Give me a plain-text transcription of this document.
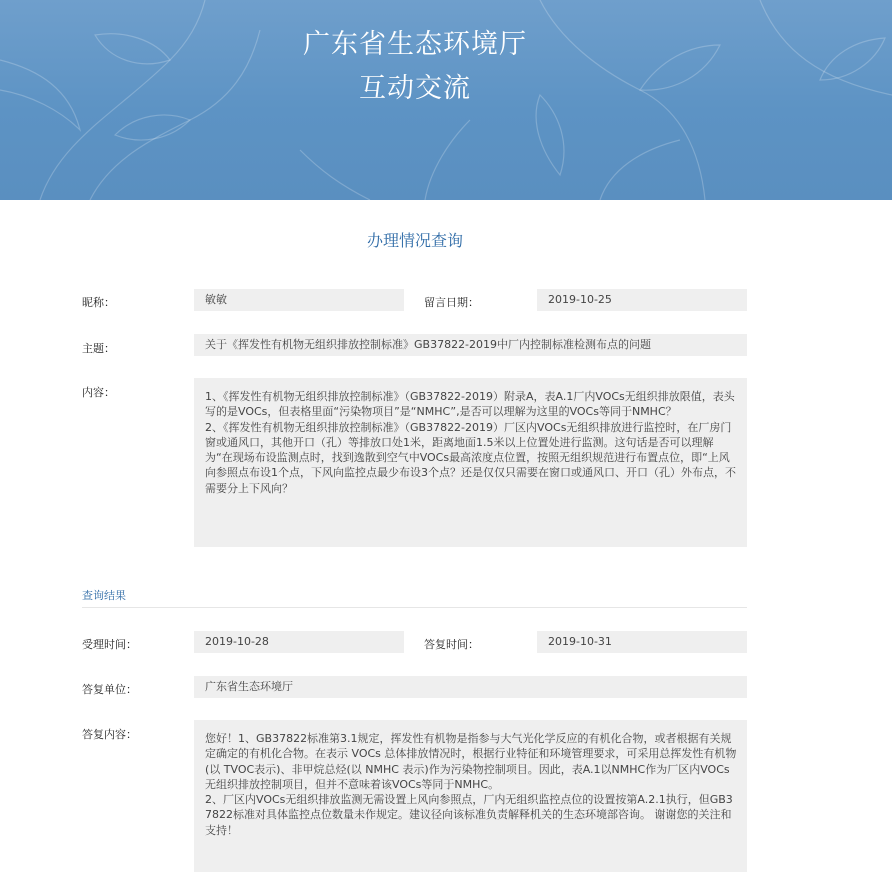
广东省生态环境厅
互动交流
办理情况查询
昵称：	敏敏	留言日期：	2019-10-25
主题：	关于《挥发性有机物无组织排放控制标准》GB37822-2019中厂内控制标准检测布点的问题
内容：	1、《挥发性有机物无组织排放控制标准》（GB37822-2019）附录A，表A.1厂内VOCs无组织排放限值，表头写的是VOCs，但表格里面“污染物项目”是“NMHC”,是否可以理解为这里的VOCs等同于NMHC？
2、《挥发性有机物无组织排放控制标准》（GB37822-2019）厂区内VOCs无组织排放进行监控时，在厂房门窗或通风口，其他开口（孔）等排放口处1米，距离地面1.5米以上位置处进行监测。这句话是否可以理解为“在现场布设监测点时，找到逸散到空气中VOCs最高浓度点位置，按照无组织规范进行布置点位，即“上风向参照点布设1个点，下风向监控点最少布设3个点？还是仅仅只需要在窗口或通风口、开口（孔）外布点，不需要分上下风向？
查询结果
受理时间：	2019-10-28	答复时间：	2019-10-31
答复单位：	广东省生态环境厅
答复内容：	您好！1、GB37822标准第3.1规定，挥发性有机物是指参与大气光化学反应的有机化合物，或者根据有关规定确定的有机化合物。在表示 VOCs 总体排放情况时，根据行业特征和环境管理要求，可采用总挥发性有机物(以 TVOC表示)、非甲烷总烃(以 NMHC 表示)作为污染物控制项目。因此，表A.1以NMHC作为厂区内VOCs无组织排放控制项目，但并不意味着该VOCs等同于NMHC。
2、厂区内VOCs无组织排放监测无需设置上风向参照点，厂内无组织监控点位的设置按第A.2.1执行，但GB37822标准对具体监控点位数量未作规定。建议径向该标准负责解释机关的生态环境部咨询。 谢谢您的关注和支持！
